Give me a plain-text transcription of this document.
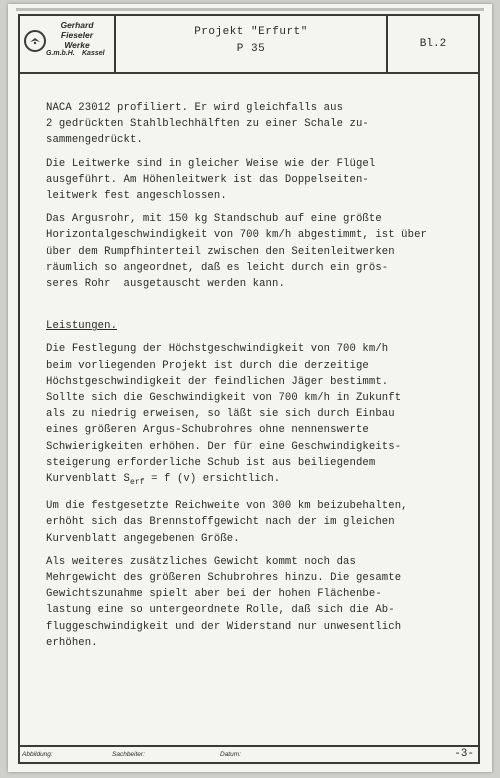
Gerhard Fieseler
Werke
G.m.b.H. Kassel
Projekt "Erfurt"
P 35	Bl.2
Abbildung:	Sachbeiter:	Datum:	-3-

NACA 23012 profiliert. Er wird gleichfalls aus

2 gedrückten Stahlblechhälften zu einer Schale zu-

sammengedrückt.

Die Leitwerke sind in gleicher Weise wie der Flügel

ausgeführt. Am Höhenleitwerk ist das Doppelseiten-

leitwerk fest angeschlossen.

Das Argusrohr, mit 150 kg Standschub auf eine größte

Horizontalgeschwindigkeit von 700 km/h abgestimmt, ist über

über dem Rumpfhinterteil zwischen den Seitenleitwerken

räumlich so angeordnet, daß es leicht durch ein grös-

seres Rohr  ausgetauscht werden kann.

Leistungen.

Die Festlegung der Höchstgeschwindigkeit von 700 km/h

beim vorliegenden Projekt ist durch die derzeitige

Höchstgeschwindigkeit der feindlichen Jäger bestimmt.

Sollte sich die Geschwindigkeit von 700 km/h in Zukunft

als zu niedrig erweisen, so läßt sie sich durch Einbau

eines größeren Argus-Schubrohres ohne nennenswerte

Schwierigkeiten erhöhen. Der für eine Geschwindigkeits-

steigerung erforderliche Schub ist aus beiliegendem

Kurvenblatt $S_{erf} = f$ (v) ersichtlich.

Um die festgesetzte Reichweite von 300 km beizubehalten,

erhöht sich das Brennstoffgewicht nach der im gleichen

Kurvenblatt angegebenen Größe.

Als weiteres zusätzliches Gewicht kommt noch das

Mehrgewicht des größeren Schubrohres hinzu. Die gesamte

Gewichtszunahme spielt aber bei der hohen Flächenbe-

lastung eine so untergeordnete Rolle, daß sich die Ab-

fluggeschwindigkeit und der Widerstand nur unwesentlich

erhöhen.
